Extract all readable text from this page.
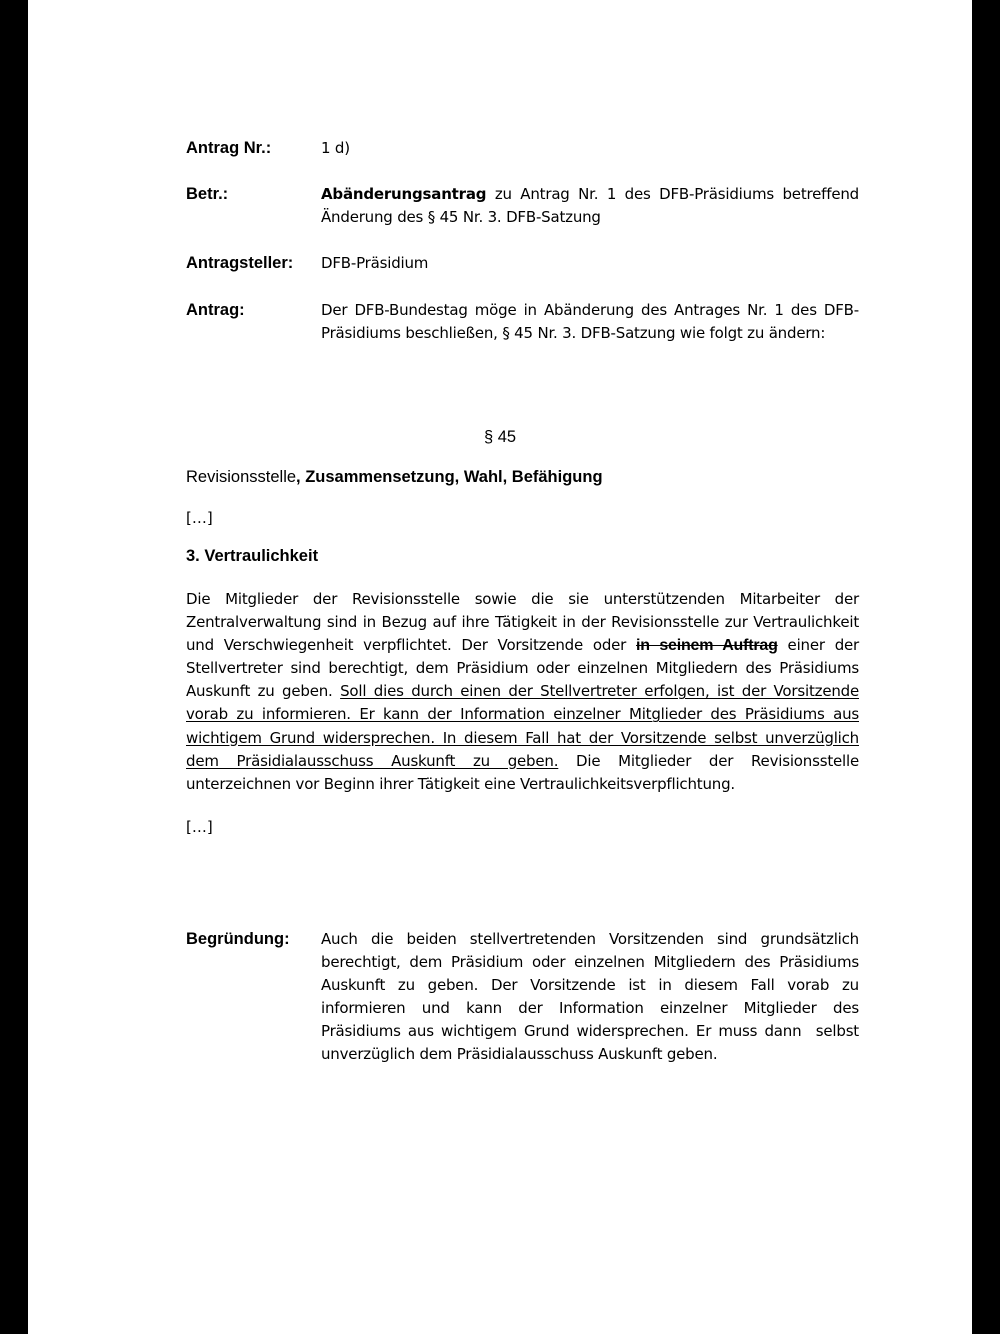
Antrag Nr.:	1 d)
Betr.:	Abänderungsantrag zu Antrag Nr. 1 des DFB-Präsidiums betreffend Änderung des § 45 Nr. 3. DFB-Satzung
Antragsteller: DFB-Präsidium
Antrag:	Der DFB-Bundestag möge in Abänderung des Antrages Nr. 1 des DFB-Präsidiums beschließen, § 45 Nr. 3. DFB-Satzung wie folgt zu ändern:
§ 45
Revisionsstelle, Zusammensetzung, Wahl, Befähigung
[…]
3. Vertraulichkeit
Die Mitglieder der Revisionsstelle sowie die sie unterstützenden Mitarbeiter der Zentralverwaltung sind in Bezug auf ihre Tätigkeit in der Revisionsstelle zur Vertraulichkeit und Verschwiegenheit verpflichtet. Der Vorsitzende oder in seinem Auftrag einer der Stellvertreter sind berechtigt, dem Präsidium oder einzelnen Mitgliedern des Präsidiums Auskunft zu geben. Soll dies durch einen der Stellvertreter erfolgen, ist der Vorsitzende vorab zu informieren. Er kann der Information einzelner Mitglieder des Präsidiums aus wichtigem Grund widersprechen. In diesem Fall hat der Vorsitzende selbst unverzüglich dem Präsidialausschuss Auskunft zu geben. Die Mitglieder der Revisionsstelle unterzeichnen vor Beginn ihrer Tätigkeit eine Vertraulichkeitsverpflichtung.
[…]
Begründung: Auch die beiden stellvertretenden Vorsitzenden sind grundsätzlich berechtigt, dem Präsidium oder einzelnen Mitgliedern des Präsidiums Auskunft zu geben. Der Vorsitzende ist in diesem Fall vorab zu informieren und kann der Information einzelner Mitglieder des Präsidiums aus wichtigem Grund widersprechen. Er muss dann  selbst unverzüglich dem Präsidialausschuss Auskunft geben.
